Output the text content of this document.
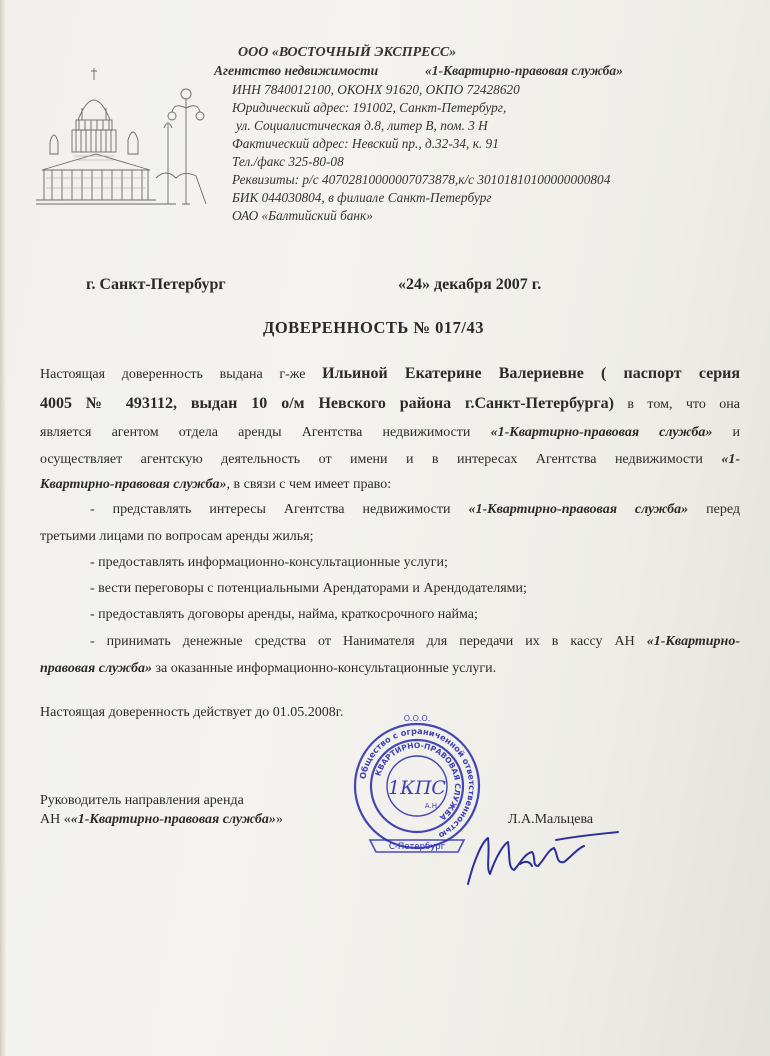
ООО «ВОСТОЧНЫЙ ЭКСПРЕСС»
Агентство недвижимости	«1-Квартирно-правовая служба»
ИНН 7840012100, ОКОНХ 91620, ОКПО 72428620
Юридический адрес: 191002, Санкт-Петербург,
ул. Социалистическая д.8, литер В, пом. 3 Н
Фактический адрес: Невский пр., д.32-34, к. 91
Тел./факс 325-80-08
Реквизиты: р/с 40702810000007073878,к/с 30101810100000000804
БИК 044030804, в филиале Санкт-Петербург
ОАО «Балтийский банк»
г. Санкт-Петербург	«24» декабря 2007 г.
ДОВЕРЕННОСТЬ № 017/43
Настоящая доверенность выдана г-же Ильиной Екатерине Валериевне ( паспорт серия
4005 № 493112, выдан 10 о/м Невского района г.Санкт-Петербурга) в том, что она
является агентом отдела аренды Агентства недвижимости «1-Квартирно-правовая служба» и
осуществляет агентскую деятельность от имени и в интересах Агентства недвижимости «1-
Квартирно-правовая служба», в связи с чем имеет право:
- представлять интересы Агентства недвижимости «1-Квартирно-правовая служба» перед
третьими лицами по вопросам аренды жилья;
- предоставлять информационно-консультационные услуги;
- вести переговоры с потенциальными Арендаторами и Арендодателями;
- предоставлять договоры аренды, найма, краткосрочного найма;
- принимать денежные средства от Нанимателя для передачи их в кассу АН «1-Квартирно-
правовая служба» за оказанные информационно-консультационные услуги.
Настоящая доверенность действует до 01.05.2008г.
Руководитель направления аренда
АН ««1-Квартирно-правовая служба»»	Л.А.Мальцева
О.О.О.
Общество с ограниченной ответственностью
КВАРТИРНО-ПРАВОВАЯ СЛУЖБА
1КПС
А.Н.
С-Петербург
